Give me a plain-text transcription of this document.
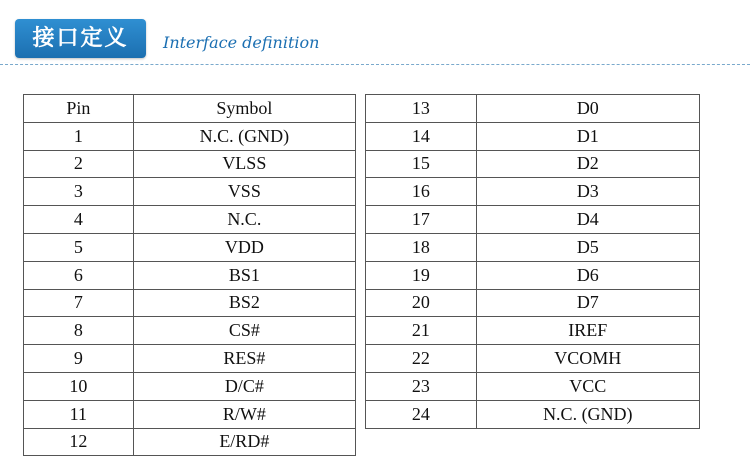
接口定义	Interface definition
Pin	Symbol
1	N.C. (GND)
2	VLSS
3	VSS
4	N.C.
5	VDD
6	BS1
7	BS2
8	CS#
9	RES#
10	D/C#
11	R/W#
12	E/RD#
13	D0
14	D1
15	D2
16	D3
17	D4
18	D5
19	D6
20	D7
21	IREF
22	VCOMH
23	VCC
24	N.C. (GND)
